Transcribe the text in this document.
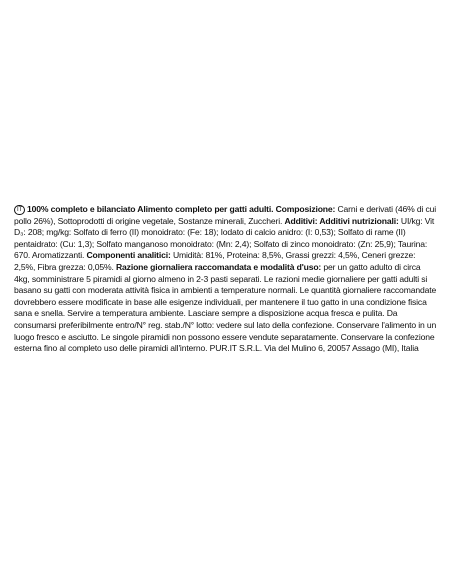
IT 100% completo e bilanciato Alimento completo per gatti adulti. Composizione: Carni e derivati (46% di cui pollo 26%), Sottoprodotti di origine vegetale, Sostanze minerali, Zuccheri. Additivi: Additivi nutrizionali: UI/kg: Vit D₃: 208; mg/kg: Solfato di ferro (II) monoidrato: (Fe: 18); Iodato di calcio anidro: (I: 0,53); Solfato di rame (II) pentaidrato: (Cu: 1,3); Solfato manganoso monoidrato: (Mn: 2,4); Solfato di zinco monoidrato: (Zn: 25,9); Taurina: 670. Aromatizzanti. Componenti analitici: Umidità: 81%, Proteina: 8,5%, Grassi grezzi: 4,5%, Ceneri grezze: 2,5%, Fibra grezza: 0,05%. Razione giornaliera raccomandata e modalità d'uso: per un gatto adulto di circa 4kg, somministrare 5 piramidi al giorno almeno in 2-3 pasti separati. Le razioni medie giornaliere per gatti adulti si basano su gatti con moderata attività fisica in ambienti a temperature normali. Le quantità giornaliere raccomandate dovrebbero essere modificate in base alle esigenze individuali, per mantenere il tuo gatto in una condizione fisica sana e snella. Servire a temperatura ambiente. Lasciare sempre a disposizione acqua fresca e pulita. Da consumarsi preferibilmente entro/N° reg. stab./N° lotto: vedere sul lato della confezione. Conservare l'alimento in un luogo fresco e asciutto. Le singole piramidi non possono essere vendute separatamente. Conservare la confezione esterna fino al completo uso delle piramidi all'interno. PUR.IT S.R.L. Via del Mulino 6, 20057 Assago (MI), Italia
